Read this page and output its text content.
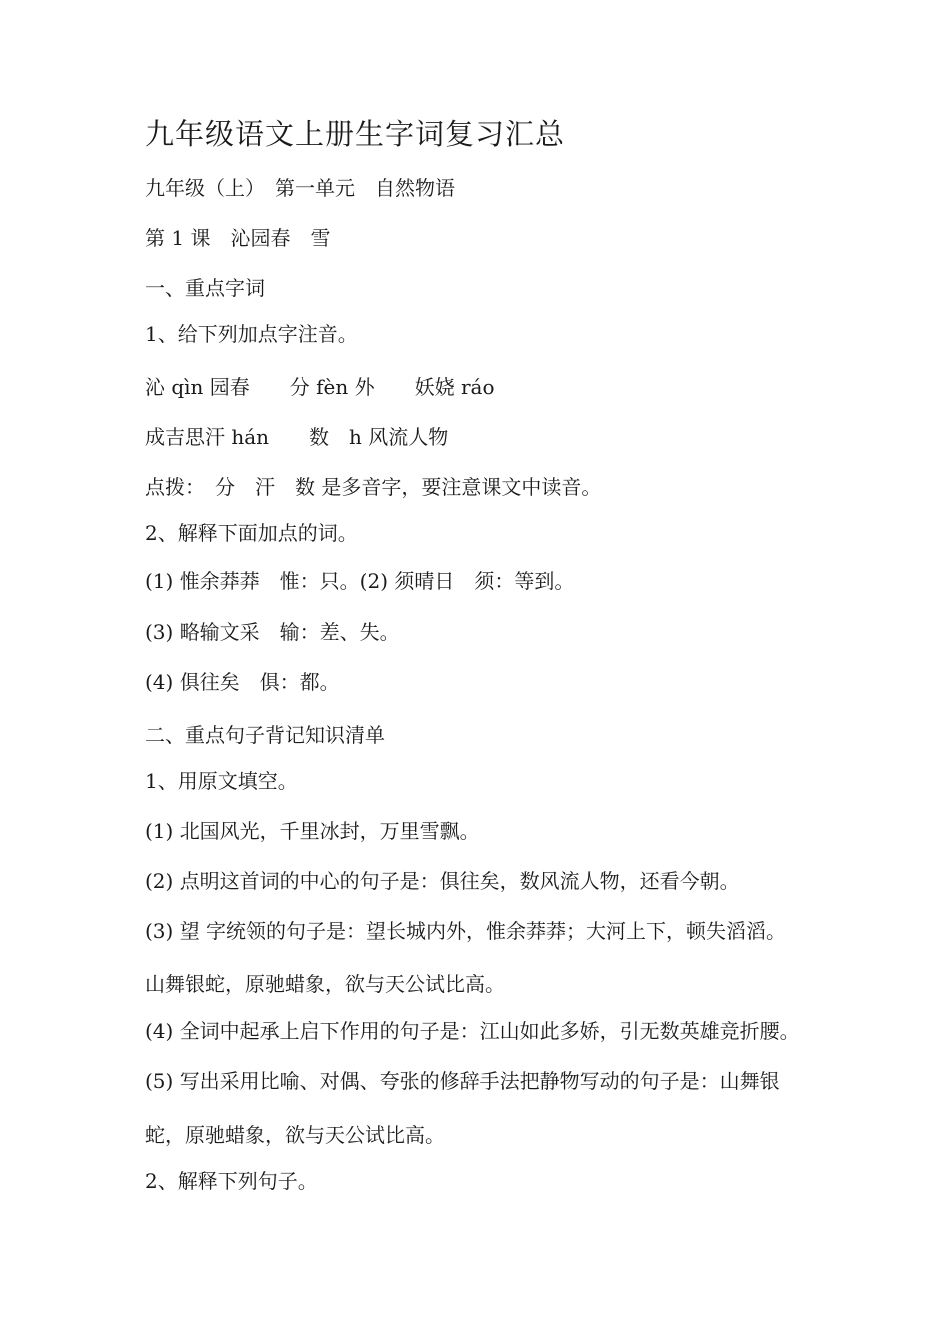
九年级语文上册生字词复习汇总
九年级（上）　第一单元　自然物语
第 1 课　沁园春　雪
一、重点字词
1、给下列加点字注音。
沁 qìn 园春　　分 fèn 外　　妖娆 ráo
成吉思汗 hán　　数　h 风流人物
点拨：　分　汗　数 是多音字，要注意课文中读音。
2、解释下面加点的词。
(1) 惟余莽莽　惟：只。(2) 须晴日　须：等到。
(3) 略输文采　输：差、失。
(4) 俱往矣　俱：都。
二、重点句子背记知识清单
1、用原文填空。
(1) 北国风光，千里冰封，万里雪飘。
(2) 点明这首词的中心的句子是：俱往矣，数风流人物，还看今朝。
(3) 望 字统领的句子是：望长城内外，惟余莽莽；大河上下，顿失滔滔。
山舞银蛇，原驰蜡象，欲与天公试比高。
(4) 全词中起承上启下作用的句子是：江山如此多娇，引无数英雄竞折腰。
(5) 写出采用比喻、对偶、夸张的修辞手法把静物写动的句子是：山舞银
蛇，原驰蜡象，欲与天公试比高。
2、解释下列句子。
